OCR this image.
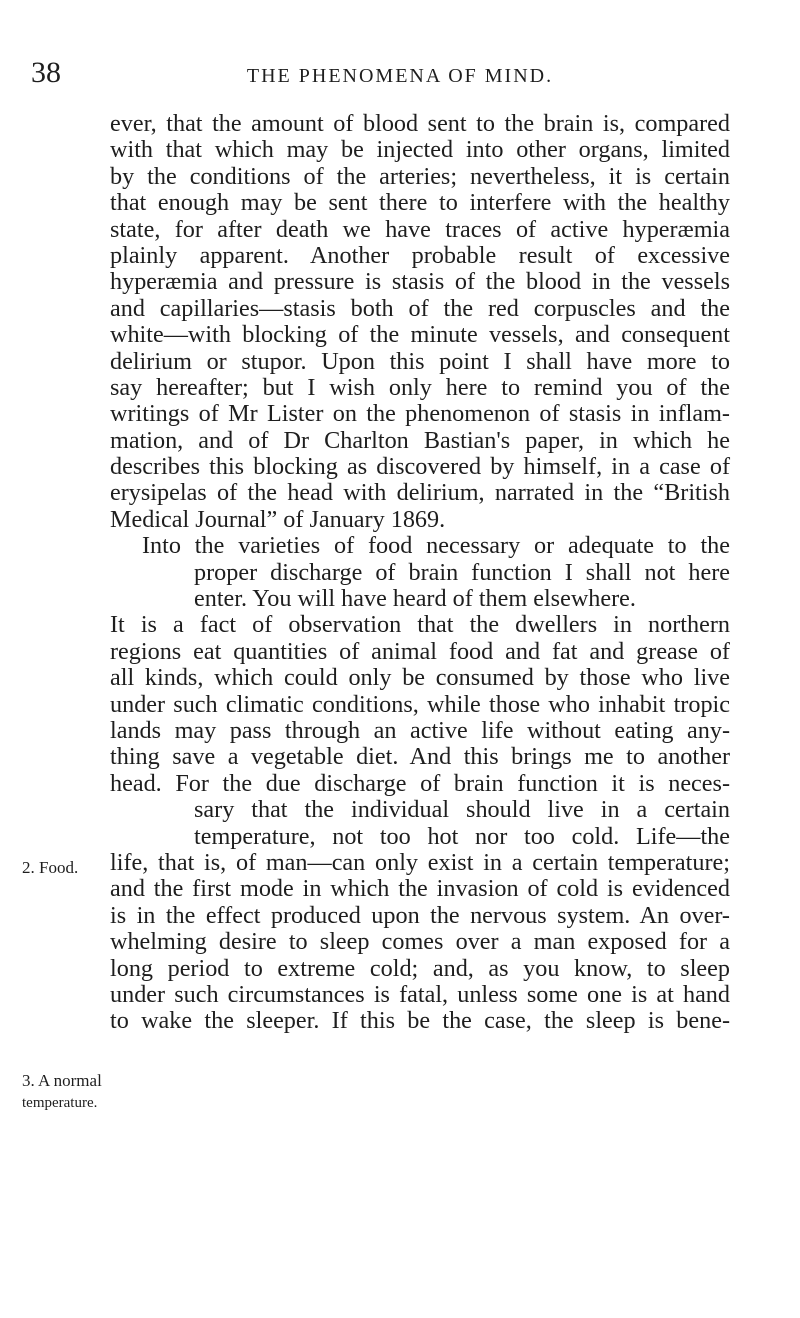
38	THE PHENOMENA OF MIND.
2. Food.
3. A normal
temperature.
ever, that the amount of blood sent to the brain is, compared
with that which may be injected into other organs, limited
by the conditions of the arteries; nevertheless, it is certain
that enough may be sent there to interfere with the healthy
state, for after death we have traces of active hyperæmia
plainly apparent. Another probable result of excessive
hyperæmia and pressure is stasis of the blood in the vessels
and capillaries—stasis both of the red corpuscles and the
white—with blocking of the minute vessels, and consequent
delirium or stupor. Upon this point I shall have more to
say hereafter; but I wish only here to remind you of the
writings of Mr Lister on the phenomenon of stasis in inflam-
mation, and of Dr Charlton Bastian's paper, in which he
describes this blocking as discovered by himself, in a case of
erysipelas of the head with delirium, narrated in the “British
Medical Journal” of January 1869.
Into the varieties of food necessary or adequate to the
proper discharge of brain function I shall not here
enter. You will have heard of them elsewhere.
It is a fact of observation that the dwellers in northern
regions eat quantities of animal food and fat and grease of
all kinds, which could only be consumed by those who live
under such climatic conditions, while those who inhabit tropic
lands may pass through an active life without eating any-
thing save a vegetable diet. And this brings me to another
head. For the due discharge of brain function it is neces-
sary that the individual should live in a certain
temperature, not too hot nor too cold. Life—the
life, that is, of man—can only exist in a certain temperature;
and the first mode in which the invasion of cold is evidenced
is in the effect produced upon the nervous system. An over-
whelming desire to sleep comes over a man exposed for a
long period to extreme cold; and, as you know, to sleep
under such circumstances is fatal, unless some one is at hand
to wake the sleeper. If this be the case, the sleep is bene-
